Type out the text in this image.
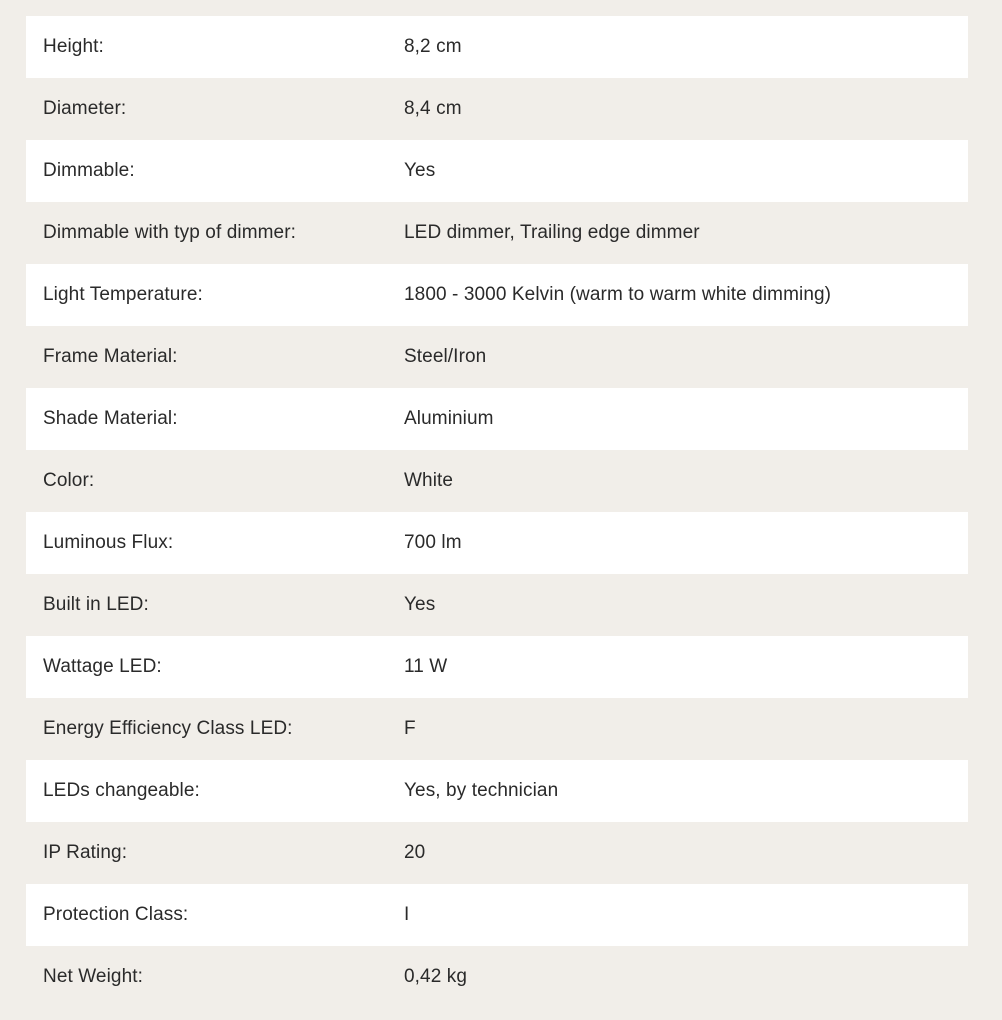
Height:	8,2 cm
Diameter:	8,4 cm
Dimmable:	Yes
Dimmable with typ of dimmer:	LED dimmer, Trailing edge dimmer
Light Temperature:	1800 - 3000 Kelvin (warm to warm white dimming)
Frame Material:	Steel/Iron
Shade Material:	Aluminium
Color:	White
Luminous Flux:	700 lm
Built in LED:	Yes
Wattage LED:	11 W
Energy Efficiency Class LED:	F
LEDs changeable:	Yes, by technician
IP Rating:	20
Protection Class:	I
Net Weight:	0,42 kg
